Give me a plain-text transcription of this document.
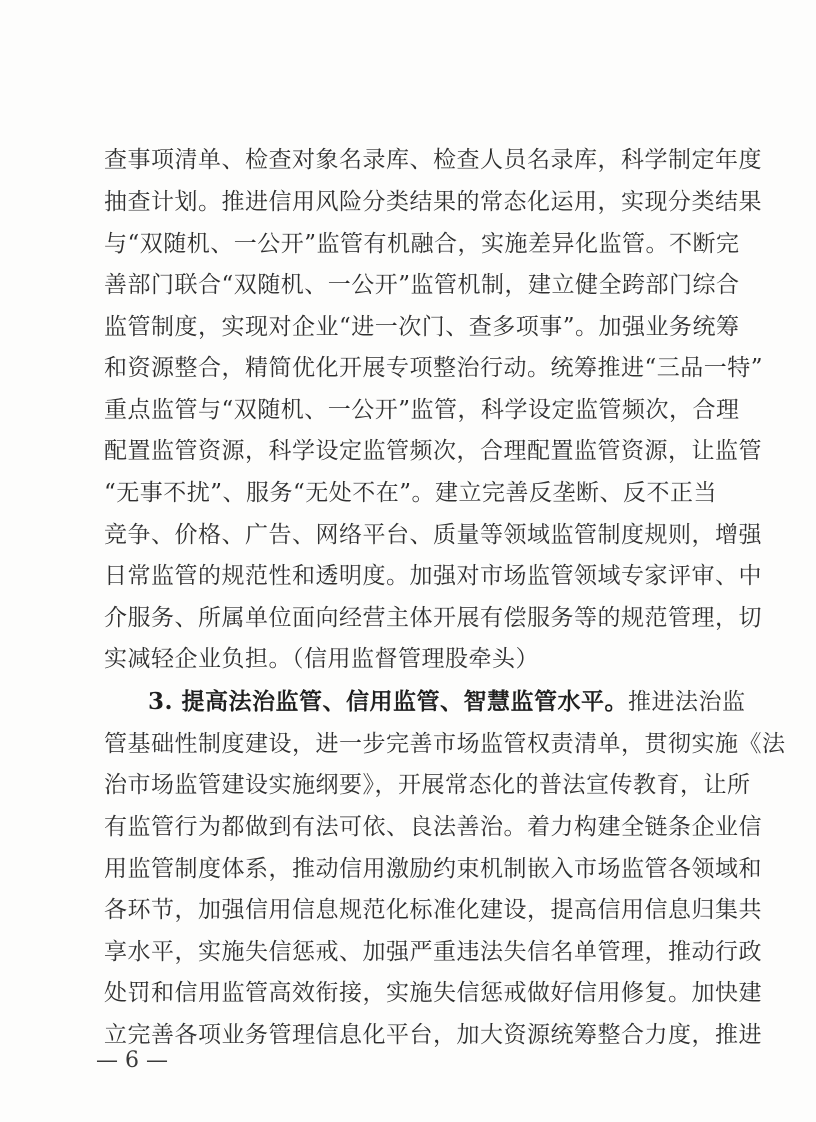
查事项清单、检查对象名录库、检查人员名录库，科学制定年度
抽查计划。推进信用风险分类结果的常态化运用，实现分类结果
与“双随机、一公开”监管有机融合，实施差异化监管。不断完
善部门联合“双随机、一公开”监管机制，建立健全跨部门综合
监管制度，实现对企业“进一次门、查多项事”。加强业务统筹
和资源整合，精简优化开展专项整治行动。统筹推进“三品一特”
重点监管与“双随机、一公开”监管，科学设定监管频次，合理
配置监管资源，科学设定监管频次，合理配置监管资源，让监管
“无事不扰”、服务“无处不在”。建立完善反垄断、反不正当
竞争、价格、广告、网络平台、质量等领域监管制度规则，增强
日常监管的规范性和透明度。加强对市场监管领域专家评审、中
介服务、所属单位面向经营主体开展有偿服务等的规范管理，切
实减轻企业负担。（信用监督管理股牵头）
3. 提高法治监管、信用监管、智慧监管水平。推进法治监
管基础性制度建设，进一步完善市场监管权责清单，贯彻实施《法
治市场监管建设实施纲要》，开展常态化的普法宣传教育，让所
有监管行为都做到有法可依、良法善治。着力构建全链条企业信
用监管制度体系，推动信用激励约束机制嵌入市场监管各领域和
各环节，加强信用信息规范化标准化建设，提高信用信息归集共
享水平，实施失信惩戒、加强严重违法失信名单管理，推动行政
处罚和信用监管高效衔接，实施失信惩戒做好信用修复。加快建
立完善各项业务管理信息化平台，加大资源统筹整合力度，推进
— 6 —
